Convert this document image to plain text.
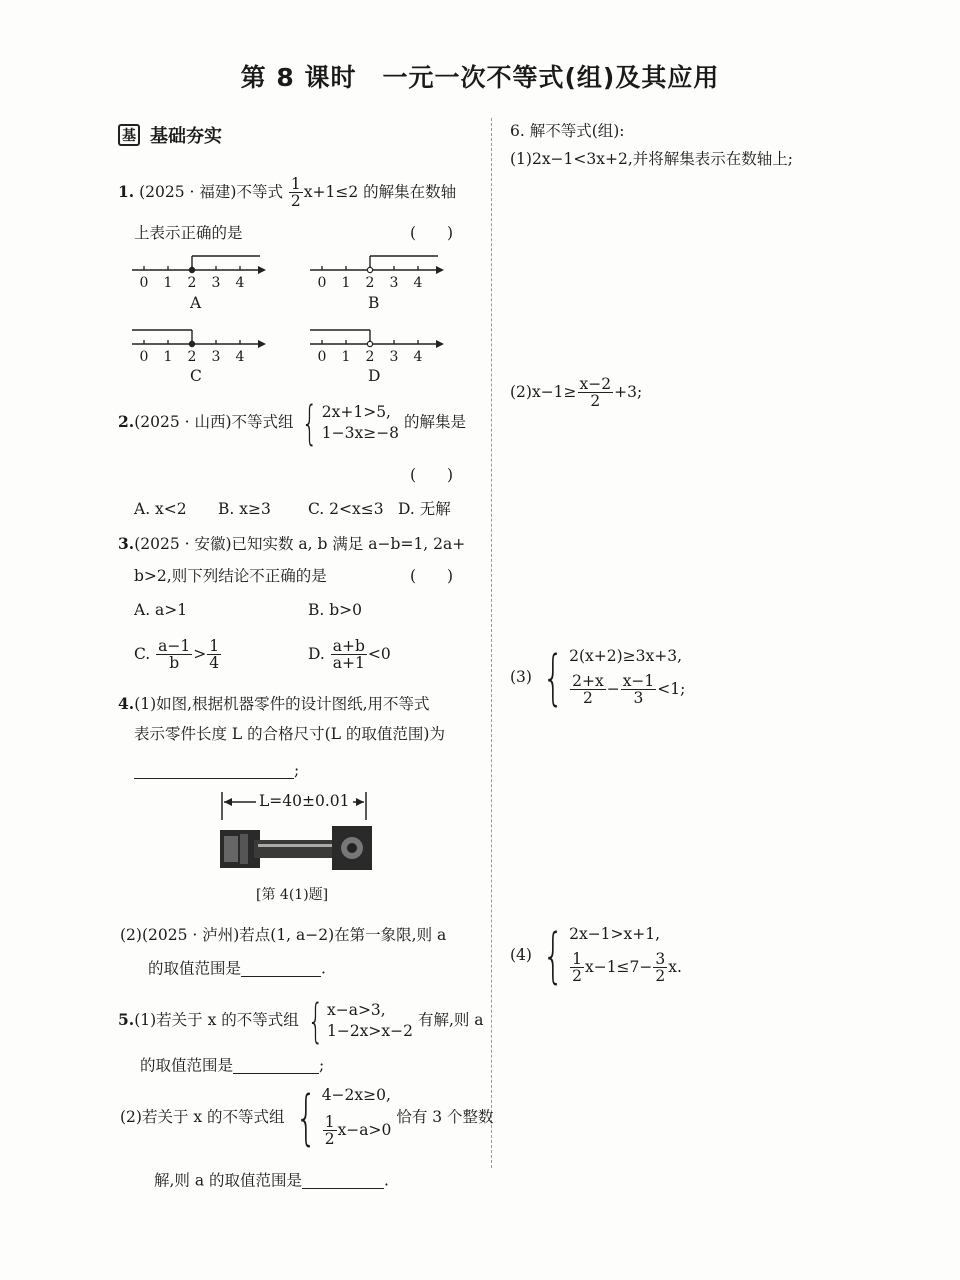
第 8 课时　一元一次不等式(组)及其应用
基 基础夯实
1. (2025 · 福建)不等式 $\frac{1}{2} x+1\le 2$ 的解集在数轴
上表示正确的是	(　　)
0 1 2 3 4	0 1 2 3 4
0 1 2 3 4	0 1 2 3 4
A	B
C	D
2.(2025 · 山西)不等式组 { 2x+1>5,
1−3x≥−8
的解集是
(　　)
A. x<2 B. x≥3 C. 2<x≤3 D. 无解
3.(2025 · 安徽)已知实数 a, b 满足 a−b=1, 2a+
b>2,则下列结论不正确的是	(　　)
A. a>1	B. b>0
C. $\frac{a-1}{b} > \frac{1}{4}$	D. $\frac{a+b}{a+1} <0$
4.(1)如图,根据机器零件的设计图纸,用不等式
表示零件长度 L 的合格尺寸(L 的取值范围)为
;
L=40±0.01
[第 4(1)题]
(2)(2025 · 泸州)若点(1, a−2)在第一象限,则 a
的取值范围是	.
5.(1)若关于 x 的不等式组 { x−a>3,
1−2x>x−2
有解,则 a
的取值范围是	;
(2)若关于 x 的不等式组 { 4−2x≥0,
$\frac{1}{2} x-a>0$
恰有 3 个整数
解,则 a 的取值范围是	.
6. 解不等式(组):
(1)2x−1<3x+2,并将解集表示在数轴上;
$(2)x-1\ge \frac{x-2}{2} +3$;
(3) { 2(x+2)≥3x+3,
$\frac{2+x}{2} - \frac{x-1}{3} <1$;
(4) { 2x−1>x+1,
$\frac{1}{2} x-1\le 7- \frac{3}{2} x$.
